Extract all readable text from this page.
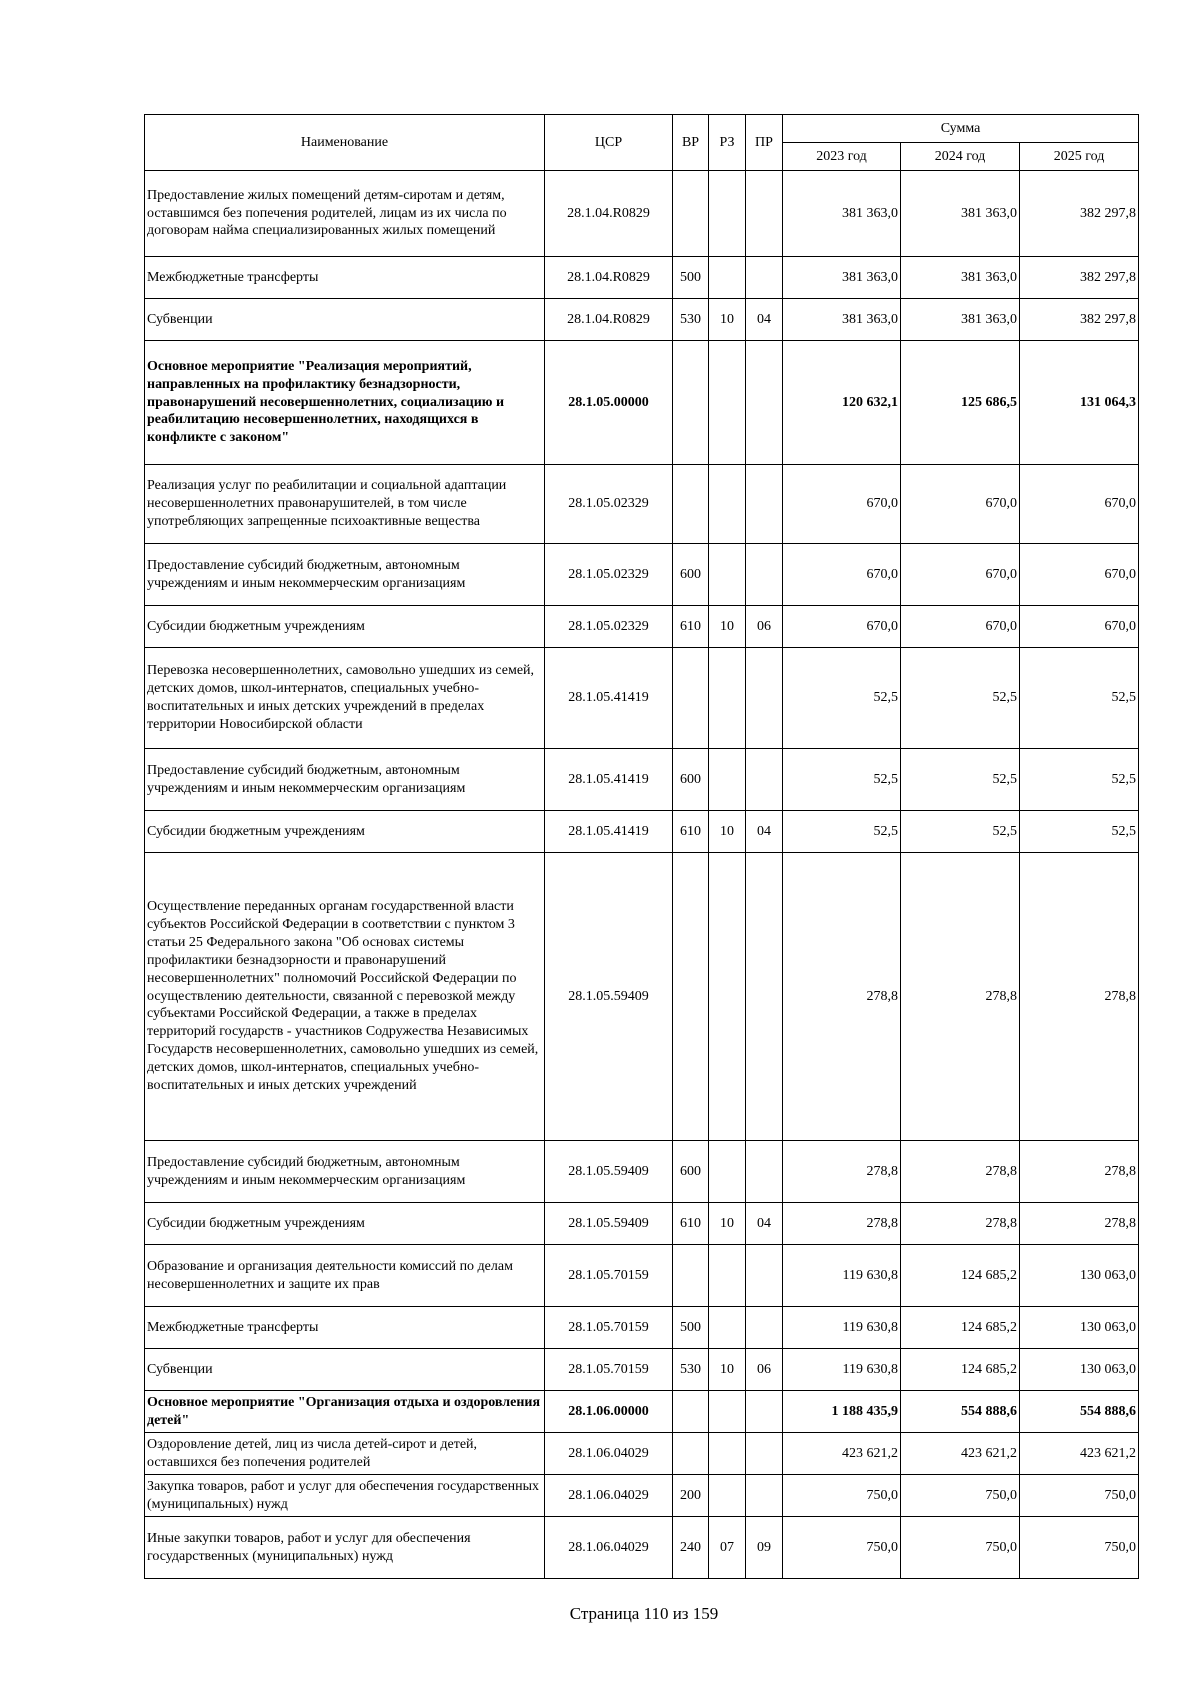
Наименование	ЦСР	ВР	РЗ	ПР	Сумма		
					2023 год	2024 год	2025 год
Предоставление жилых помещений детям-сиротам и детям, оставшимся без попечения родителей, лицам из их числа по договорам найма специализированных жилых помещений	28.1.04.R0829				381 363,0	381 363,0	382 297,8
Межбюджетные трансферты	28.1.04.R0829	500			381 363,0	381 363,0	382 297,8
Субвенции	28.1.04.R0829	530	10	04	381 363,0	381 363,0	382 297,8
Основное мероприятие "Реализация мероприятий, направленных на профилактику безнадзорности, правонарушений несовершеннолетних, социализацию и реабилитацию несовершеннолетних, находящихся в конфликте с законом"	28.1.05.00000				120 632,1	125 686,5	131 064,3
Реализация услуг по реабилитации и социальной адаптации несовершеннолетних правонарушителей, в том числе употребляющих запрещенные психоактивные вещества	28.1.05.02329				670,0	670,0	670,0
Предоставление субсидий бюджетным, автономным учреждениям и иным некоммерческим организациям	28.1.05.02329	600			670,0	670,0	670,0
Субсидии бюджетным учреждениям	28.1.05.02329	610	10	06	670,0	670,0	670,0
Перевозка несовершеннолетних, самовольно ушедших из семей, детских домов, школ-интернатов, специальных учебно-воспитательных и иных детских учреждений в пределах территории Новосибирской области	28.1.05.41419				52,5	52,5	52,5
Предоставление субсидий бюджетным, автономным учреждениям и иным некоммерческим организациям	28.1.05.41419	600			52,5	52,5	52,5
Субсидии бюджетным учреждениям	28.1.05.41419	610	10	04	52,5	52,5	52,5
Осуществление переданных органам государственной власти субъектов Российской Федерации в соответствии с пунктом 3 статьи 25 Федерального закона "Об основах системы профилактики безнадзорности и правонарушений несовершеннолетних" полномочий Российской Федерации по осуществлению деятельности, связанной с перевозкой между субъектами Российской Федерации, а также в пределах территорий государств - участников Содружества Независимых Государств несовершеннолетних, самовольно ушедших из семей, детских домов, школ-интернатов, специальных учебно-воспитательных и иных детских учреждений	28.1.05.59409				278,8	278,8	278,8
Предоставление субсидий бюджетным, автономным учреждениям и иным некоммерческим организациям	28.1.05.59409	600			278,8	278,8	278,8
Субсидии бюджетным учреждениям	28.1.05.59409	610	10	04	278,8	278,8	278,8
Образование и организация деятельности комиссий по делам несовершеннолетних и защите их прав	28.1.05.70159				119 630,8	124 685,2	130 063,0
Межбюджетные трансферты	28.1.05.70159	500			119 630,8	124 685,2	130 063,0
Субвенции	28.1.05.70159	530	10	06	119 630,8	124 685,2	130 063,0
Основное мероприятие "Организация отдыха и оздоровления детей"	28.1.06.00000				1 188 435,9	554 888,6	554 888,6
Оздоровление детей, лиц из числа детей-сирот и детей, оставшихся без попечения родителей	28.1.06.04029				423 621,2	423 621,2	423 621,2
Закупка товаров, работ и услуг для обеспечения государственных (муниципальных) нужд	28.1.06.04029	200			750,0	750,0	750,0
Иные закупки товаров, работ и услуг для обеспечения государственных (муниципальных) нужд	28.1.06.04029	240	07	09	750,0	750,0	750,0
Страница 110 из 159
